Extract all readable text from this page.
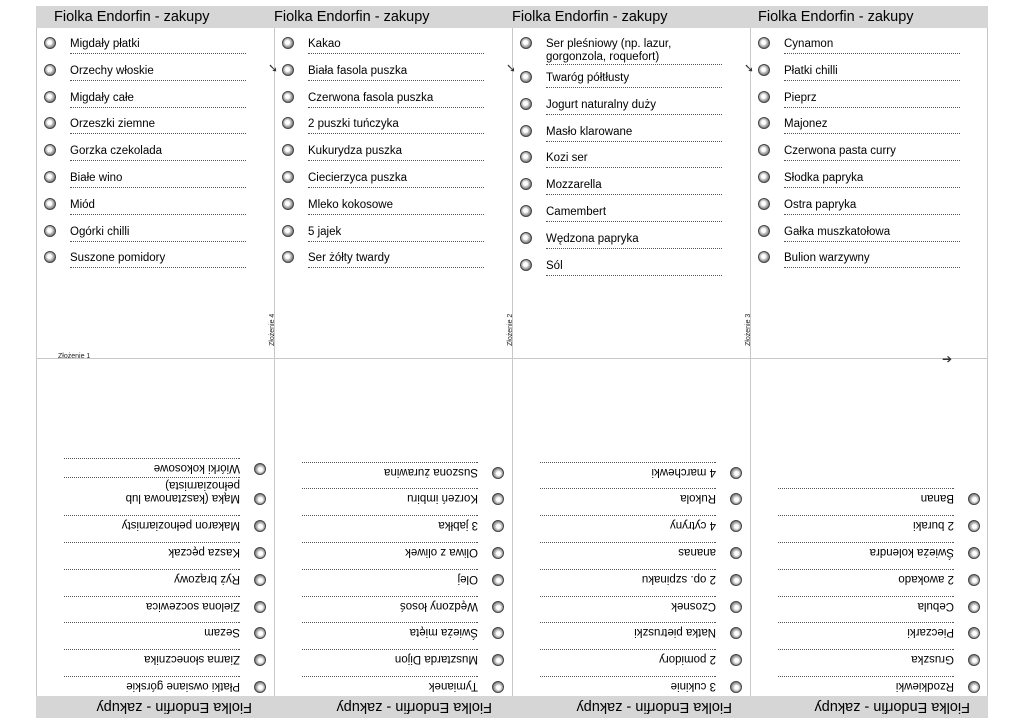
Fiolka Endorfin - zakupy	Fiolka Endorfin - zakupy	Fiolka Endorfin - zakupy	Fiolka Endorfin - zakupy
Fiolka Endorfin - zakupy
Fiolka Endorfin - zakupy
Fiolka Endorfin - zakupy
Fiolka Endorfin - zakupy
Złożenie 1
Złożenie 4	Złożenie 2	Złożenie 3
➘	➘	➘
➔
Migdały płatki
Orzechy włoskie
Migdały całe
Orzeszki ziemne
Gorzka czekolada
Białe wino
Miód
Ogórki chilli
Suszone pomidory
Kakao
Biała fasola puszka
Czerwona fasola puszka
2 puszki tuńczyka
Kukurydza puszka
Ciecierzyca puszka
Mleko kokosowe
5 jajek
Ser żółty twardy
Ser pleśniowy (np. lazur, gorgonzola, roquefort)
Twaróg półtłusty
Jogurt naturalny duży
Masło klarowane
Kozi ser
Mozzarella
Camembert
Wędzona papryka
Sól
Cynamon
Płatki chilli
Pieprz
Majonez
Czerwona pasta curry
Słodka papryka
Ostra papryka
Gałka muszkatołowa
Bulion warzywny
Płatki owsiane górskie
Ziarna słonecznika
Sezam
Zielona soczewica
Ryż brązowy
Kasza pęczak
Makaron pełnoziarnisty
Mąka (kasztanowa lub pełnoziarnista)
Wiórki kokosowe
Tymianek
Musztarda Dijon
Świeża mięta
Wędzony łosoś
Olej
Oliwa z oliwek
3 jabłka
Korzeń imbiru
Suszona żurawina
3 cukinie
2 pomidory
Natka pietruszki
Czosnek
2 op. szpinaku
ananas
4 cytryny
Rukola
4 marchewki
Rzodkiewki
Gruszka
Pieczarki
Cebula
2 awokado
Świeża kolendra
2 buraki
Banan
